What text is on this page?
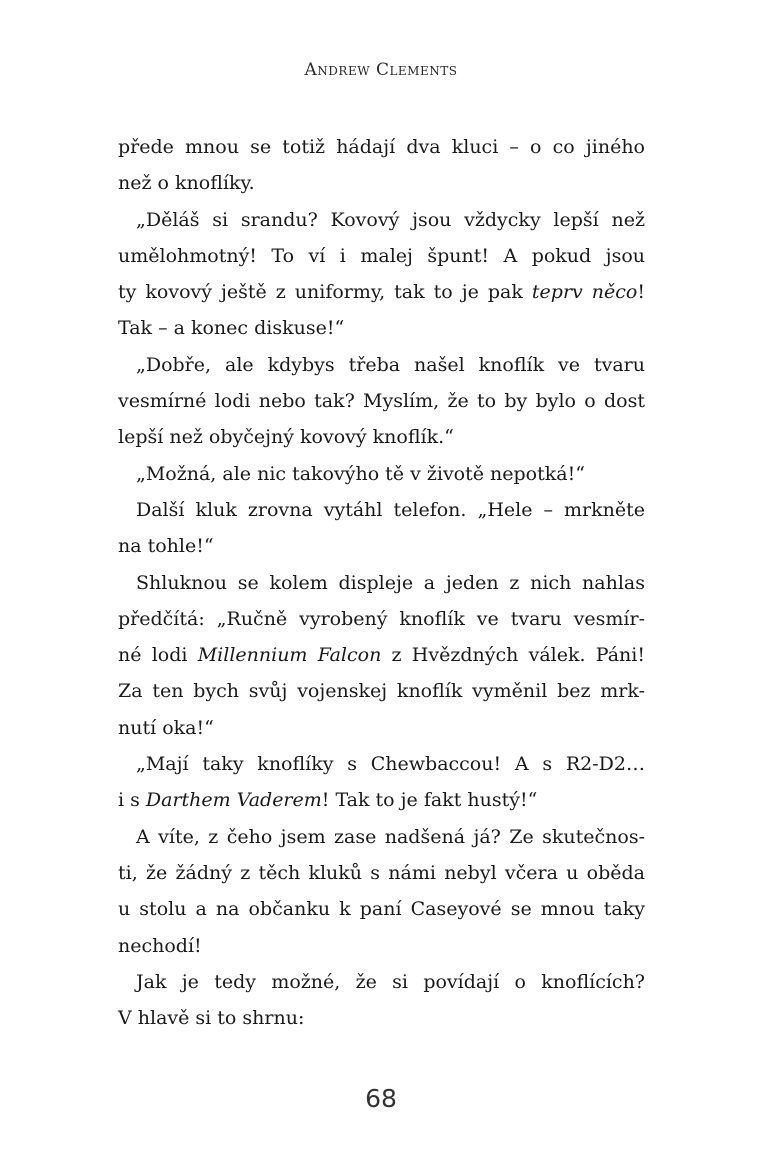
Andrew Clements
přede mnou se totiž hádají dva kluci – o co jiného
než o knoflíky.
„Děláš si srandu? Kovový jsou vždycky lepší než
umělohmotný! To ví i malej špunt! A pokud jsou
ty kovový ještě z uniformy, tak to je pak teprv něco!
Tak – a konec diskuse!“
„Dobře, ale kdybys třeba našel knoflík ve tvaru
vesmírné lodi nebo tak? Myslím, že to by bylo o dost
lepší než obyčejný kovový knoflík.“
„Možná, ale nic takovýho tě v životě nepotká!“
Další kluk zrovna vytáhl telefon. „Hele – mrkněte
na tohle!“
Shluknou se kolem displeje a jeden z nich nahlas
předčítá: „Ručně vyrobený knoflík ve tvaru vesmír-
né lodi Millennium Falcon z Hvězdných válek. Páni!
Za ten bych svůj vojenskej knoflík vyměnil bez mrk-
nutí oka!“
„Mají taky knoflíky s Chewbaccou! A s R2-D2…
i s Darthem Vaderem! Tak to je fakt hustý!“
A víte, z čeho jsem zase nadšená já? Ze skutečnos-
ti, že žádný z těch kluků s námi nebyl včera u oběda
u stolu a na občanku k paní Caseyové se mnou taky
nechodí!
Jak je tedy možné, že si povídají o knoflících?
V hlavě si to shrnu:
68
